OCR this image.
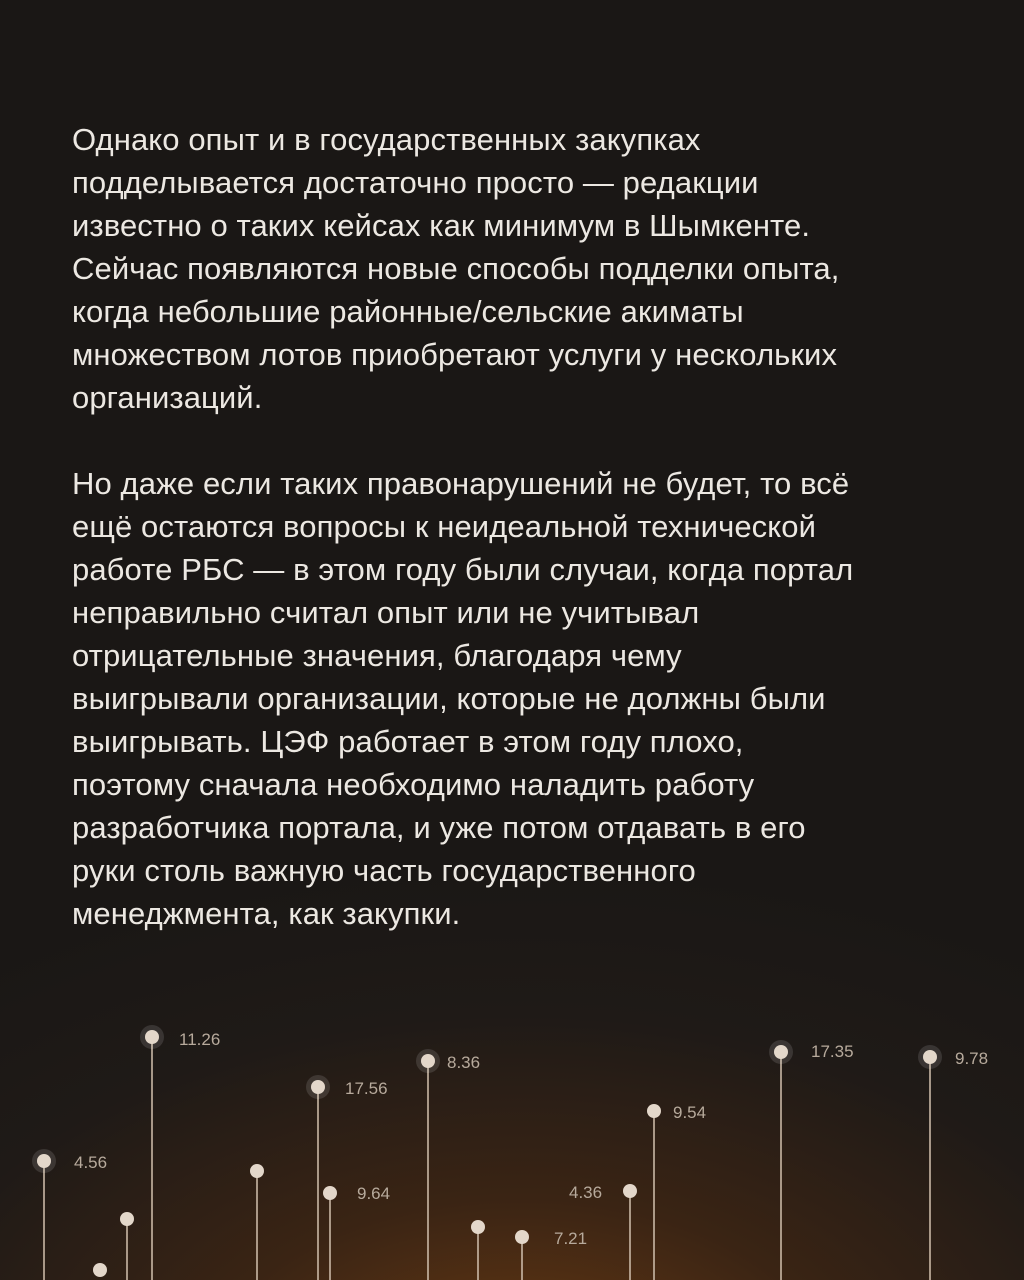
Однако опыт и в государственных закупках
подделывается достаточно просто — редакции
известно о таких кейсах как минимум в Шымкенте.
Сейчас появляются новые способы подделки опыта,
когда небольшие районные/сельские акиматы
множеством лотов приобретают услуги у нескольких
организаций.

Но даже если таких правонарушений не будет, то всё
ещё остаются вопросы к неидеальной технической
работе РБС — в этом году были случаи, когда портал
неправильно считал опыт или не учитывал
отрицательные значения, благодаря чему
выигрывали организации, которые не должны были
выигрывать. ЦЭФ работает в этом году плохо,
поэтому сначала необходимо наладить работу
разработчика портала, и уже потом отдавать в его
руки столь важную часть государственного
менеджмента, как закупки.

11.26
8.36
17.56
17.35	9.78
9.54
4.56
9.64	4.36
7.21
